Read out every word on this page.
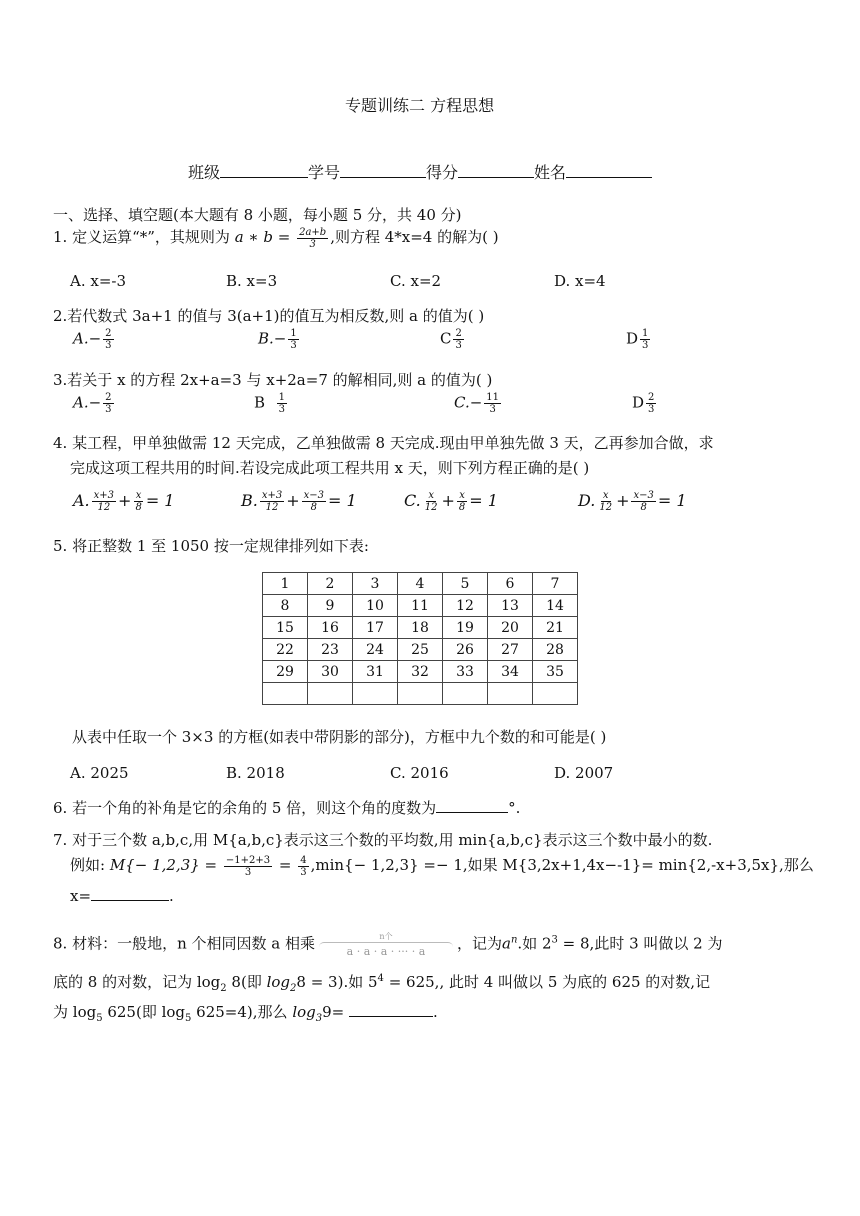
专题训练二 方程思想
班级	学号	得分	姓名
一、选择、填空题(本大题有 8 小题，每小题 5 分，共 40 分)
1. 定义运算“*”，其规则为 a ∗ $b = \frac{2a+b}{3}$ ,则方程 4*x=4 的解为( )
A. x=-3	B. x=3	C. x=2	D. x=4
2.若代数式 3a+1 的值与 3(a+1)的值互为相反数,则 a 的值为( )
$A.- \frac{2}{3}$	$B.- \frac{1}{3}$	C $\frac{2}{3}$	D $\frac{1}{3}$
3.若关于 x 的方程 2x+a=3 与 x+2a=7 的解相同,则 a 的值为( )
$A.- \frac{2}{3}$	B $\frac{1}{3}$	$C.- \frac{11}{3}$	D $\frac{2}{3}$
4. 某工程，甲单独做需 12 天完成，乙单独做需 8 天完成.现由甲单独先做 3 天，乙再参加合做，求
完成这项工程共用的时间.若设完成此项工程共用 x 天，则下列方程正确的是( )
A. $\frac{x+3}{12} + \frac{x}{8} = 1$	B. $\frac{x+3}{12} + \frac{x-3}{8} = 1$	C. $\frac{x}{12} + \frac{x}{8} = 1$	D. $\frac{x}{12} + \frac{x-3}{8} = 1$
5. 将正整数 1 至 1050 按一定规律排列如下表:
1	2	3	4	5	6	7
8	9	10	11	12	13	14
15	16	17	18	19	20	21
22	23	24	25	26	27	28
29	30	31	32	33	34	35

从表中任取一个 3×3 的方框(如表中带阴影的部分)，方框中九个数的和可能是( )
A. 2025	B. 2018	C. 2016	D. 2007
6. 若一个角的补角是它的余角的 5 倍，则这个角的度数为	°.
7. 对于三个数 a,b,c,用 M{a,b,c}表示这三个数的平均数,用 min{a,b,c}表示这三个数中最小的数.
例如: $M\{- 1,2,3\} = \frac{-1+2+3}{3} = \frac{4}{3} ,\min\{- 1,2,3\} =- 1$,如果 M{3,2x+1,4x−-1}= min{2,-x+3,5x},那么
x=	.
8. 材料：一般地，n 个相同因数 a 相乘	n个
a · a · a · ··· · a ，记为$a^n$.如 $2^3 = 8$,此时 3 叫做以 2 为
底的 8 的对数，记为 $\log_2 8$(即 $\log_28 = 3$).如 $5^4 = 625$,, 此时 4 叫做以 5 为底的 625 的对数,记
为 $\log_5 625$(即 $\log_5 625=4$),那么 $\log_39=$	.
